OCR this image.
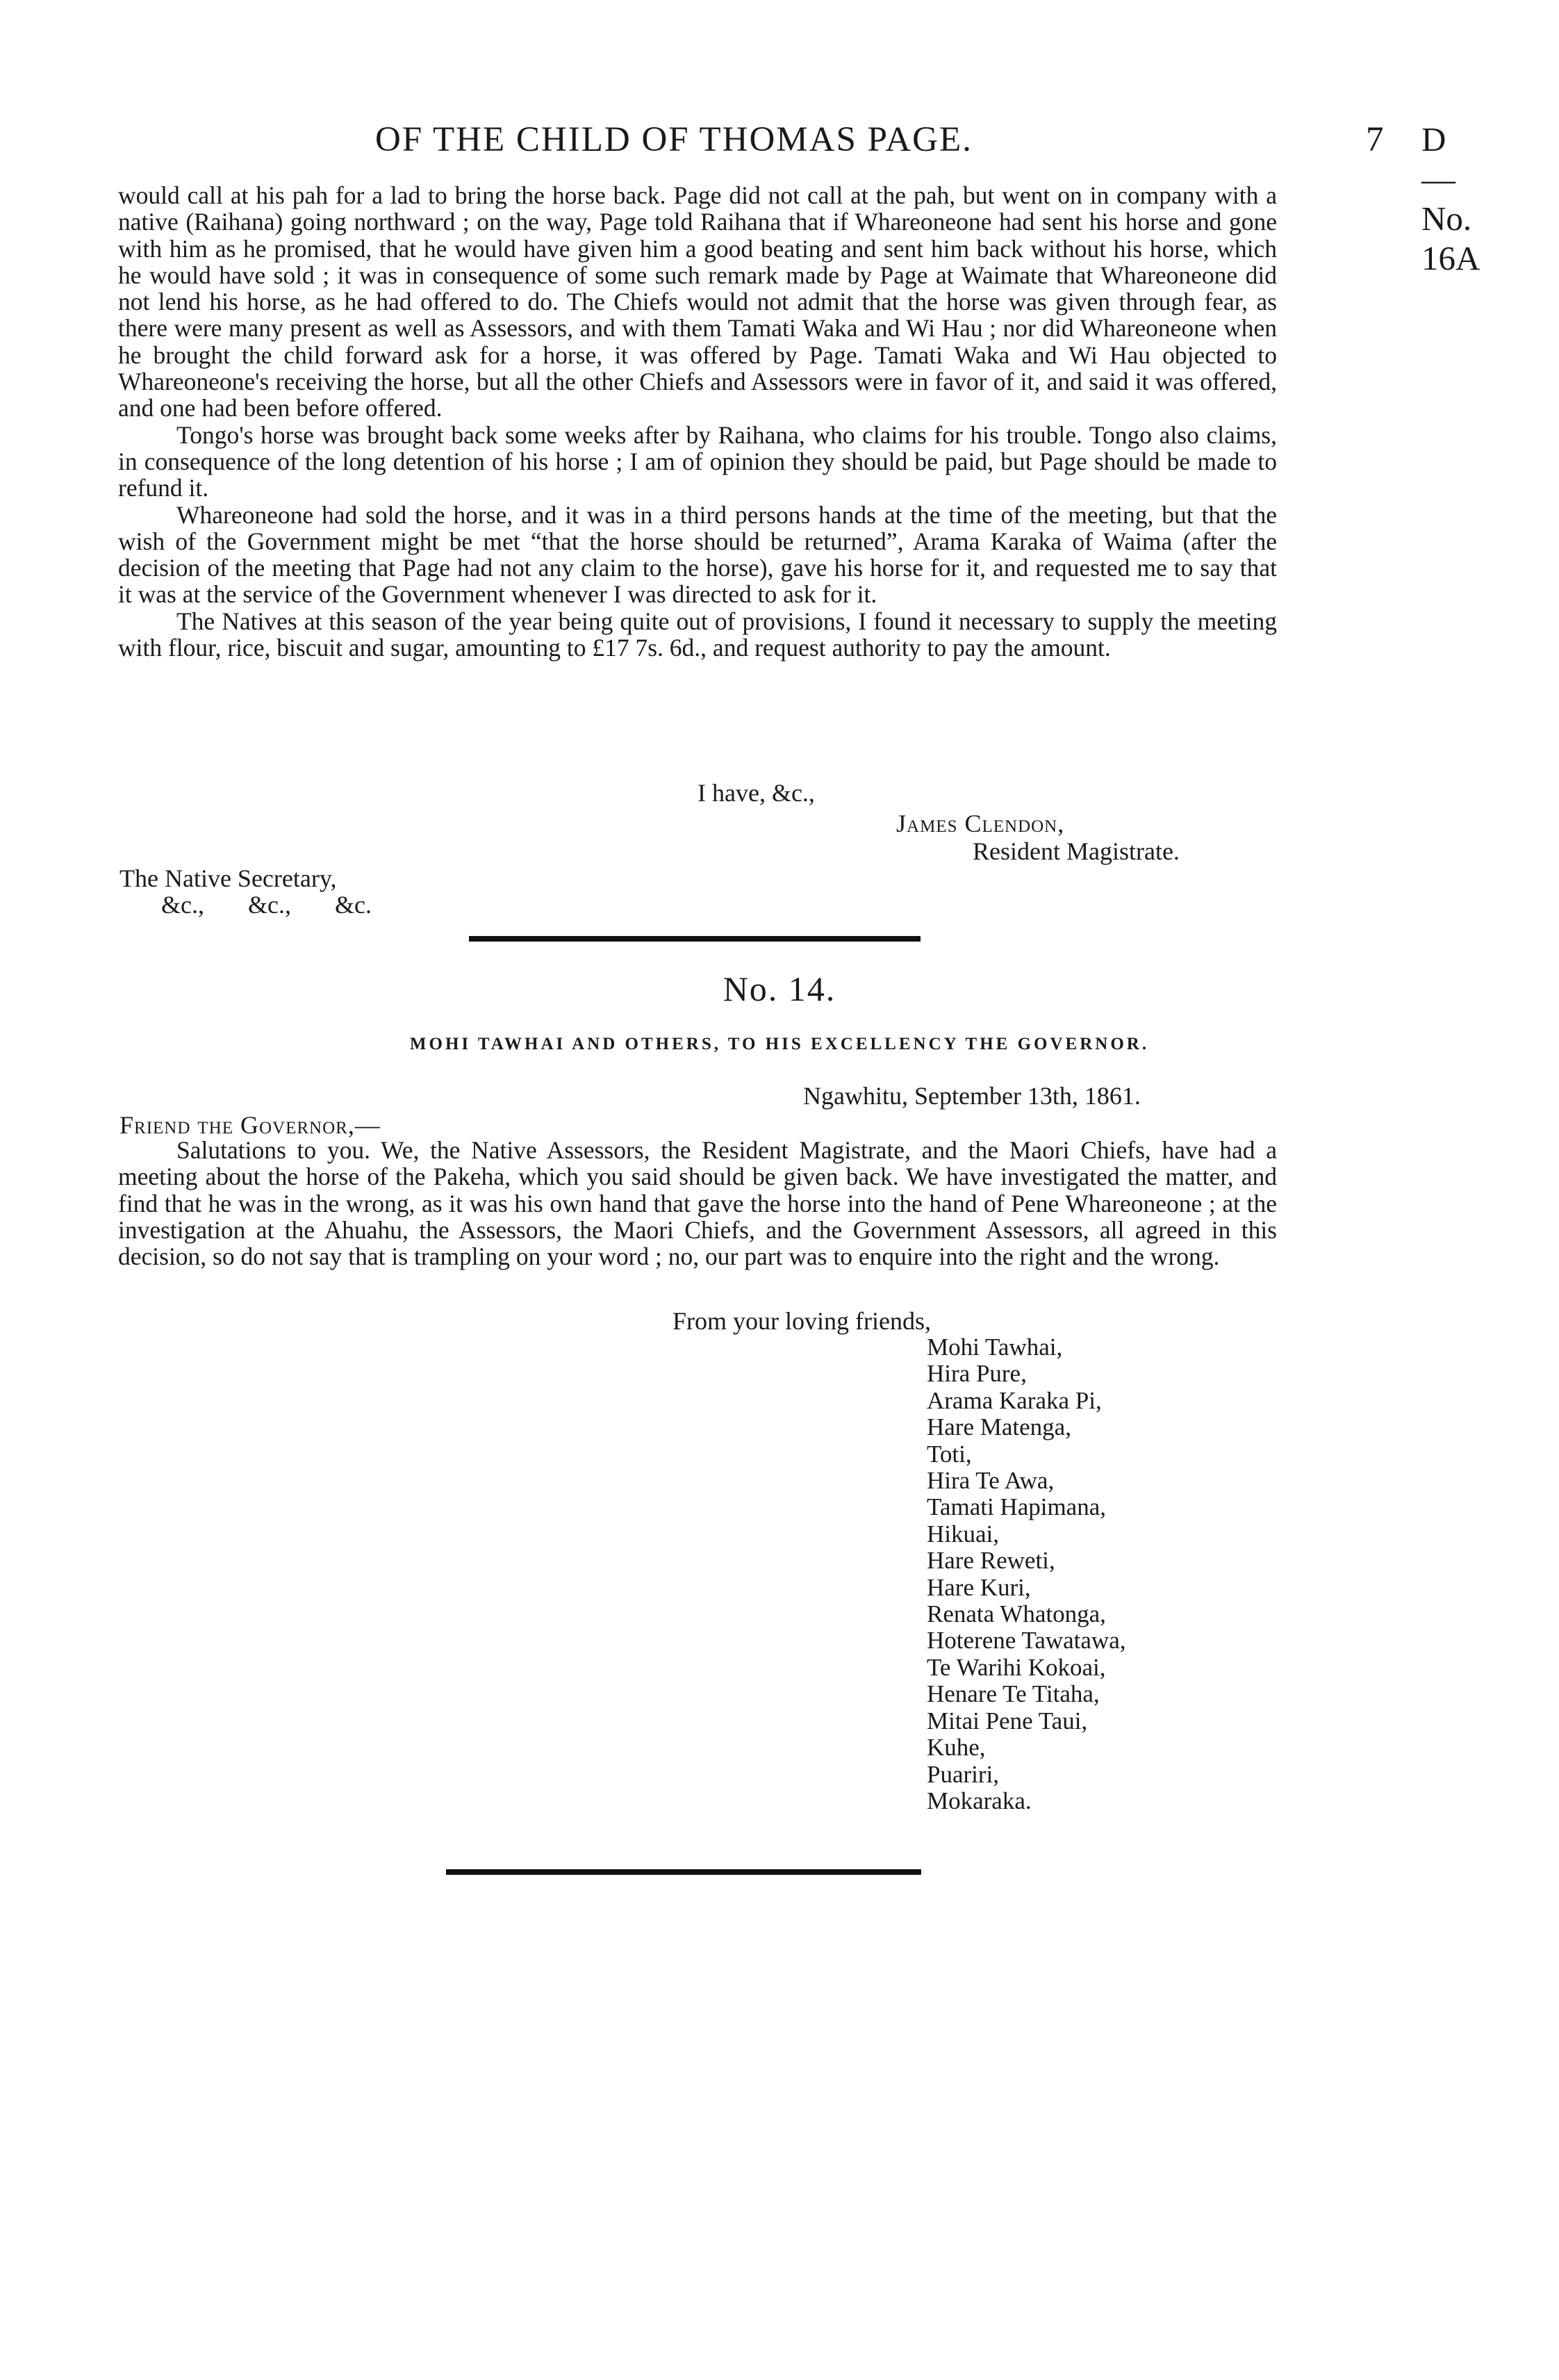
OF THE CHILD OF THOMAS PAGE.	7 D —No. 16A

would call at his pah for a lad to bring the horse back. Page did not call at the pah, but went on in company with a native (Raihana) going northward ; on the way, Page told Raihana that if Whareoneone had sent his horse and gone with him as he promised, that he would have given him a good beating and sent him back without his horse, which he would have sold ; it was in consequence of some such remark made by Page at Waimate that Whareoneone did not lend his horse, as he had offered to do. The Chiefs would not admit that the horse was given through fear, as there were many present as well as Assessors, and with them Tamati Waka and Wi Hau ; nor did Whareoneone when he brought the child forward ask for a horse, it was offered by Page. Tamati Waka and Wi Hau objected to Whareoneone's receiving the horse, but all the other Chiefs and Assessors were in favor of it, and said it was offered, and one had been before offered.

Tongo's horse was brought back some weeks after by Raihana, who claims for his trouble. Tongo also claims, in consequence of the long detention of his horse ; I am of opinion they should be paid, but Page should be made to refund it.

Whareoneone had sold the horse, and it was in a third persons hands at the time of the meeting, but that the wish of the Government might be met “that the horse should be returned”, Arama Karaka of Waima (after the decision of the meeting that Page had not any claim to the horse), gave his horse for it, and requested me to say that it was at the service of the Government whenever I was directed to ask for it.

The Natives at this season of the year being quite out of provisions, I found it necessary to supply the meeting with flour, rice, biscuit and sugar, amounting to £17 7s. 6d., and request authority to pay the amount.

I have, &c.,
James Clendon,
Resident Magistrate.
The Native Secretary,
&c.,       &c.,       &c.
No. 14.
MOHI TAWHAI AND OTHERS, TO HIS EXCELLENCY THE GOVERNOR.
Ngawhitu, September 13th, 1861.
Friend the Governor,—

Salutations to you. We, the Native Assessors, the Resident Magistrate, and the Maori Chiefs, have had a meeting about the horse of the Pakeha, which you said should be given back. We have investigated the matter, and find that he was in the wrong, as it was his own hand that gave the horse into the hand of Pene Whareoneone ; at the investigation at the Ahuahu, the Assessors, the Maori Chiefs, and the Government Assessors, all agreed in this decision, so do not say that is trampling on your word ; no, our part was to enquire into the right and the wrong.

From your loving friends,
Mohi Tawhai,
Hira Pure,
Arama Karaka Pi,
Hare Matenga,
Toti,
Hira Te Awa,
Tamati Hapimana,
Hikuai,
Hare Reweti,
Hare Kuri,
Renata Whatonga,
Hoterene Tawatawa,
Te Warihi Kokoai,
Henare Te Titaha,
Mitai Pene Taui,
Kuhe,
Puariri,
Mokaraka.
